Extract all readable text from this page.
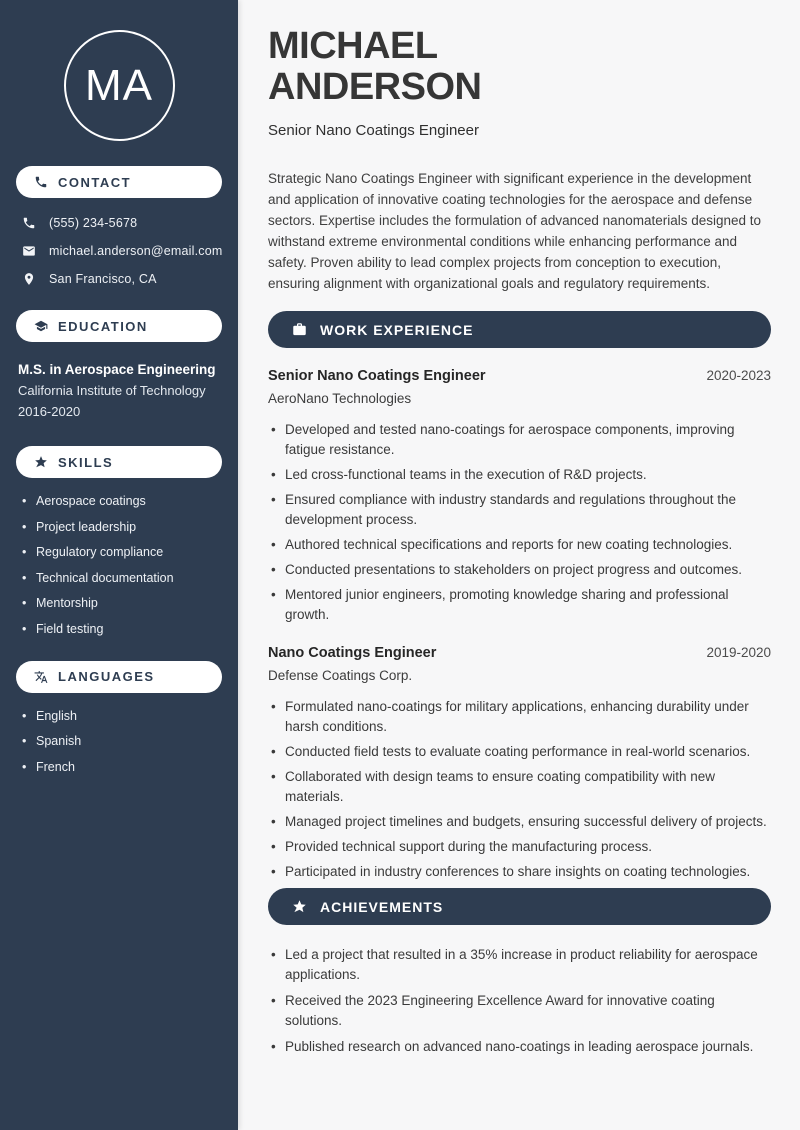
MA
CONTACT
(555) 234-5678
michael.anderson@email.com
San Francisco, CA
EDUCATION
M.S. in Aerospace Engineering
California Institute of Technology
2016-2020
SKILLS
• Aerospace coatings
• Project leadership
• Regulatory compliance
• Technical documentation
• Mentorship
• Field testing
LANGUAGES
• English
• Spanish
• French
MICHAEL
ANDERSON
Senior Nano Coatings Engineer

Strategic Nano Coatings Engineer with significant experience in the development and application of innovative coating technologies for the aerospace and defense sectors. Expertise includes the formulation of advanced nanomaterials designed to withstand extreme environmental conditions while enhancing performance and safety. Proven ability to lead complex projects from conception to execution, ensuring alignment with organizational goals and regulatory requirements.

WORK EXPERIENCE
Senior Nano Coatings Engineer	2020-2023
AeroNano Technologies
• Developed and tested nano-coatings for aerospace components, improving fatigue resistance.
• Led cross-functional teams in the execution of R&D projects.
• Ensured compliance with industry standards and regulations throughout the development process.
• Authored technical specifications and reports for new coating technologies.
• Conducted presentations to stakeholders on project progress and outcomes.
• Mentored junior engineers, promoting knowledge sharing and professional growth.
Nano Coatings Engineer	2019-2020
Defense Coatings Corp.
• Formulated nano-coatings for military applications, enhancing durability under harsh conditions.
• Conducted field tests to evaluate coating performance in real-world scenarios.
• Collaborated with design teams to ensure coating compatibility with new materials.
• Managed project timelines and budgets, ensuring successful delivery of projects.
• Provided technical support during the manufacturing process.
• Participated in industry conferences to share insights on coating technologies.
ACHIEVEMENTS
• Led a project that resulted in a 35% increase in product reliability for aerospace applications.
• Received the 2023 Engineering Excellence Award for innovative coating solutions.
• Published research on advanced nano-coatings in leading aerospace journals.
